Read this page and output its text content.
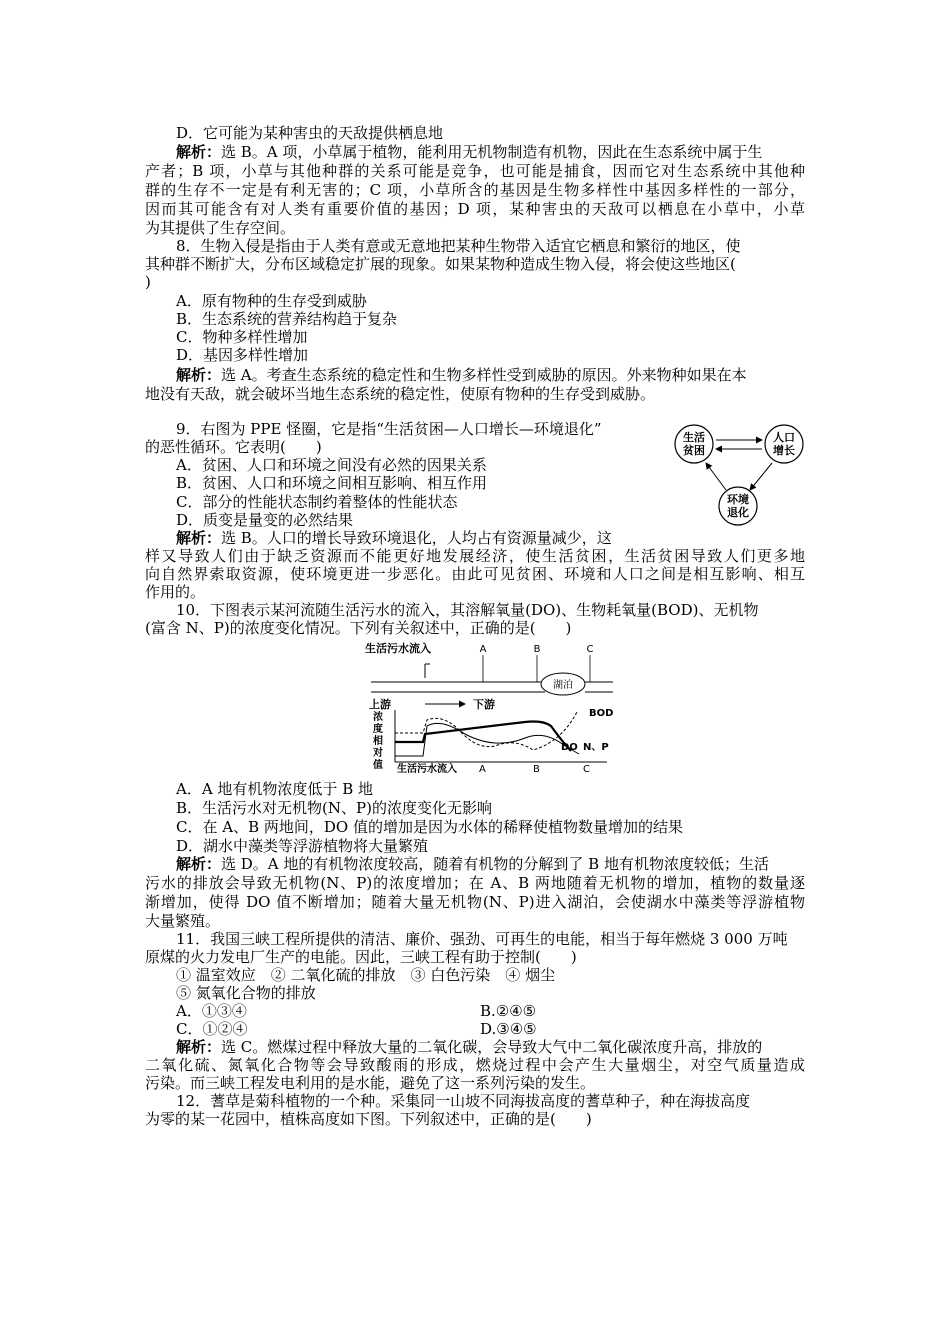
D．它可能为某种害虫的天敌提供栖息地
解析：选 B。A 项，小草属于植物，能利用无机物制造有机物，因此在生态系统中属于生
产者；B 项，小草与其他种群的关系可能是竞争，也可能是捕食，因而它对生态系统中其他种
群的生存不一定是有利无害的；C 项，小草所含的基因是生物多样性中基因多样性的一部分，
因而其可能含有对人类有重要价值的基因；D 项，某种害虫的天敌可以栖息在小草中，小草
为其提供了生存空间。
8．生物入侵是指由于人类有意或无意地把某种生物带入适宜它栖息和繁衍的地区，使
其种群不断扩大，分布区域稳定扩展的现象。如果某物种造成生物入侵，将会使这些地区(
)
A．原有物种的生存受到威胁
B．生态系统的营养结构趋于复杂
C．物种多样性增加
D．基因多样性增加
解析：选 A。考查生态系统的稳定性和生物多样性受到威胁的原因。外来物种如果在本
地没有天敌，就会破坏当地生态系统的稳定性，使原有物种的生存受到威胁。
9．右图为 PPE 怪圈，它是指“生活贫困—人口增长—环境退化”
的恶性循环。它表明(　　)
A．贫困、人口和环境之间没有必然的因果关系
B．贫困、人口和环境之间相互影响、相互作用
C．部分的性能状态制约着整体的性能状态
D．质变是量变的必然结果
解析：选 B。人口的增长导致环境退化，人均占有资源量减少，这
样又导致人们由于缺乏资源而不能更好地发展经济，使生活贫困，生活贫困导致人们更多地
向自然界索取资源，使环境更进一步恶化。由此可见贫困、环境和人口之间是相互影响、相互
作用的。
生活
贫困
人口
增长
环境
退化
10．下图表示某河流随生活污水的流入，其溶解氧量(DO)、生物耗氧量(BOD)、无机物
(富含 N、P)的浓度变化情况。下列有关叙述中，正确的是(　　)
生活污水流入
湖泊
A	B	C
上游	下游
浓
度
相
对
值
BOD
DO N、P
生活污水流入 A	B	C
A．A 地有机物浓度低于 B 地
B．生活污水对无机物(N、P)的浓度变化无影响
C．在 A、B 两地间，DO 值的增加是因为水体的稀释使植物数量增加的结果
D．湖水中藻类等浮游植物将大量繁殖
解析：选 D。A 地的有机物浓度较高，随着有机物的分解到了 B 地有机物浓度较低；生活
污水的排放会导致无机物(N、P)的浓度增加；在 A、B 两地随着无机物的增加，植物的数量逐
渐增加，使得 DO 值不断增加；随着大量无机物(N、P)进入湖泊，会使湖水中藻类等浮游植物
大量繁殖。
11．我国三峡工程所提供的清洁、廉价、强劲、可再生的电能，相当于每年燃烧 3 000 万吨
原煤的火力发电厂生产的电能。因此，三峡工程有助于控制(　　)
① 温室效应　② 二氧化硫的排放　③ 白色污染　④ 烟尘
⑤ 氮氧化合物的排放
A．①③④	B.②④⑤
C．①②④	D.③④⑤
解析：选 C。燃煤过程中释放大量的二氧化碳，会导致大气中二氧化碳浓度升高，排放的
二氧化硫、氮氧化合物等会导致酸雨的形成，燃烧过程中会产生大量烟尘，对空气质量造成
污染。而三峡工程发电利用的是水能，避免了这一系列污染的发生。
12．蓍草是菊科植物的一个种。采集同一山坡不同海拔高度的蓍草种子，种在海拔高度
为零的某一花园中，植株高度如下图。下列叙述中，正确的是(　　)
